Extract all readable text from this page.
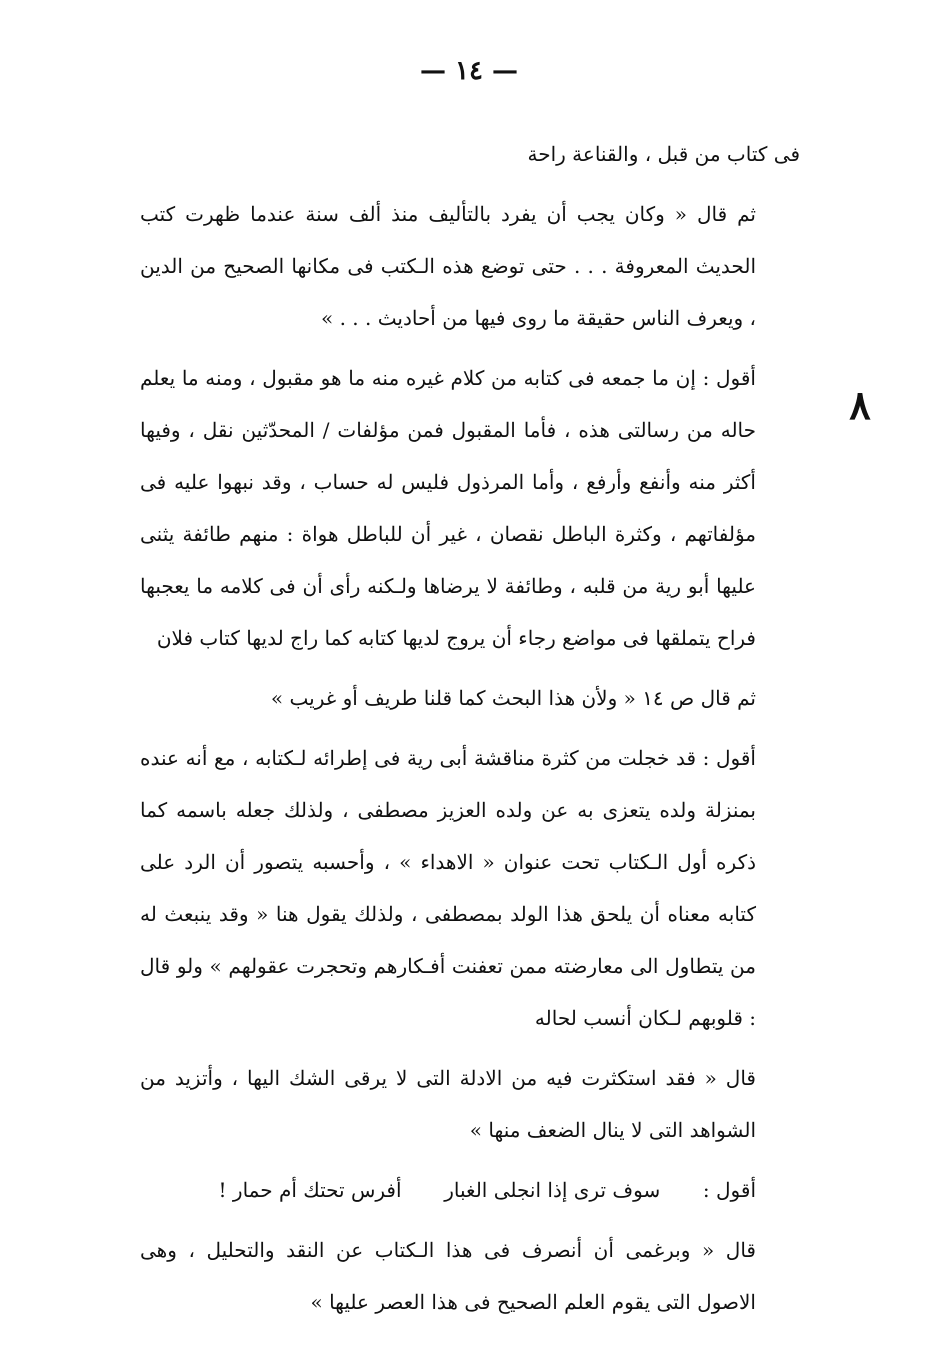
— ١٤ —
٨

فى كتاب من قبل ، والقناعة راحة

ثم قال « وكان يجب أن يفرد بالتأليف منذ ألف سنة عندما ظهرت كتب الحديث المعروفة . . . حتى توضع هذه الـكتب فى مكانها الصحيح من الدين ، ويعرف الناس حقيقة ما روى فيها من أحاديث . . . »

أقول : إن ما جمعه فى كتابه من كلام غيره منه ما هو مقبول ، ومنه ما يعلم حاله من رسالتى هذه ، فأما المقبول فمن مؤلفات / المحدّثين نقل ، وفيها أكثر منه وأنفع وأرفع ، وأما المرذول فليس له حساب ، وقد نبهوا عليه فى مؤلفاتهم ، وكثرة الباطل نقصان ، غير أن للباطل هواة : منهم طائفة يثنى عليها أبو رية من قلبه ، وطائفة لا يرضاها ولـكنه رأى أن فى كلامه ما يعجبها فراح يتملقها فى مواضع رجاء أن يروج لديها كتابه كما راج لديها كتاب فلان

ثم قال ص ١٤ « ولأن هذا البحث كما قلنا طريف أو غريب »

أقول : قد خجلت من كثرة مناقشة أبى رية فى إطرائه لـكتابه ، مع أنه عنده بمنزلة ولده يتعزى به عن ولده العزيز مصطفى ، ولذلك جعله باسمه كما ذكره أول الـكتاب تحت عنوان « الاهداء » ، وأحسبه يتصور أن الرد على كتابه معناه أن يلحق هذا الولد بمصطفى ، ولذلك يقول هنا « وقد ينبعث له من يتطاول الى معارضته ممن تعفنت أفـكارهم وتحجرت عقولهم » ولو قال : قلوبهم لـكان أنسب لحاله

قال « فقد استكثرت فيه من الادلة التى لا يرقى الشك اليها ، وأتزيد من الشواهد التى لا ينال الضعف منها »

أقول :  سوف ترى إذا انجلى الغبار  أفرس تحتك أم حمار !

قال « وبرغمى أن أنصرف فى هذا الـكتاب عن النقد والتحليل ، وهى الاصول التى يقوم العلم الصحيح فى هذا العصر عليها »
